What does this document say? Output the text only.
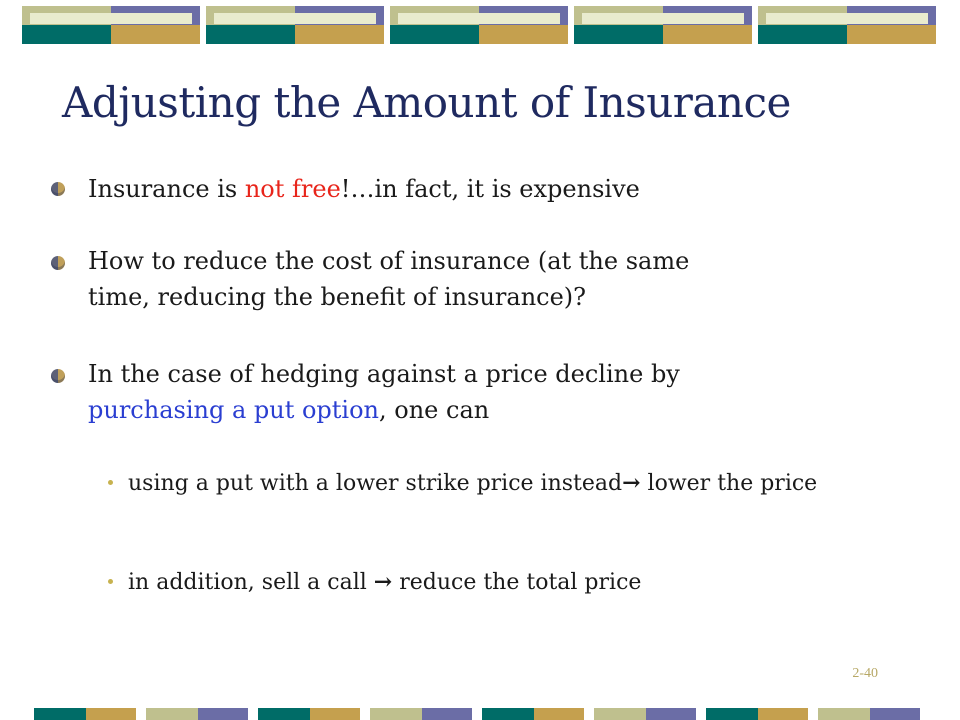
Adjusting the Amount of Insurance
Insurance is not free!…in fact, it is expensive
How to reduce the cost of insurance (at the same
time, reducing the benefit of insurance)?
In the case of hedging against a price decline by
purchasing a put option, one can
using a put with a lower strike price instead→ lower the price
in addition, sell a call → reduce the total price
2-40
